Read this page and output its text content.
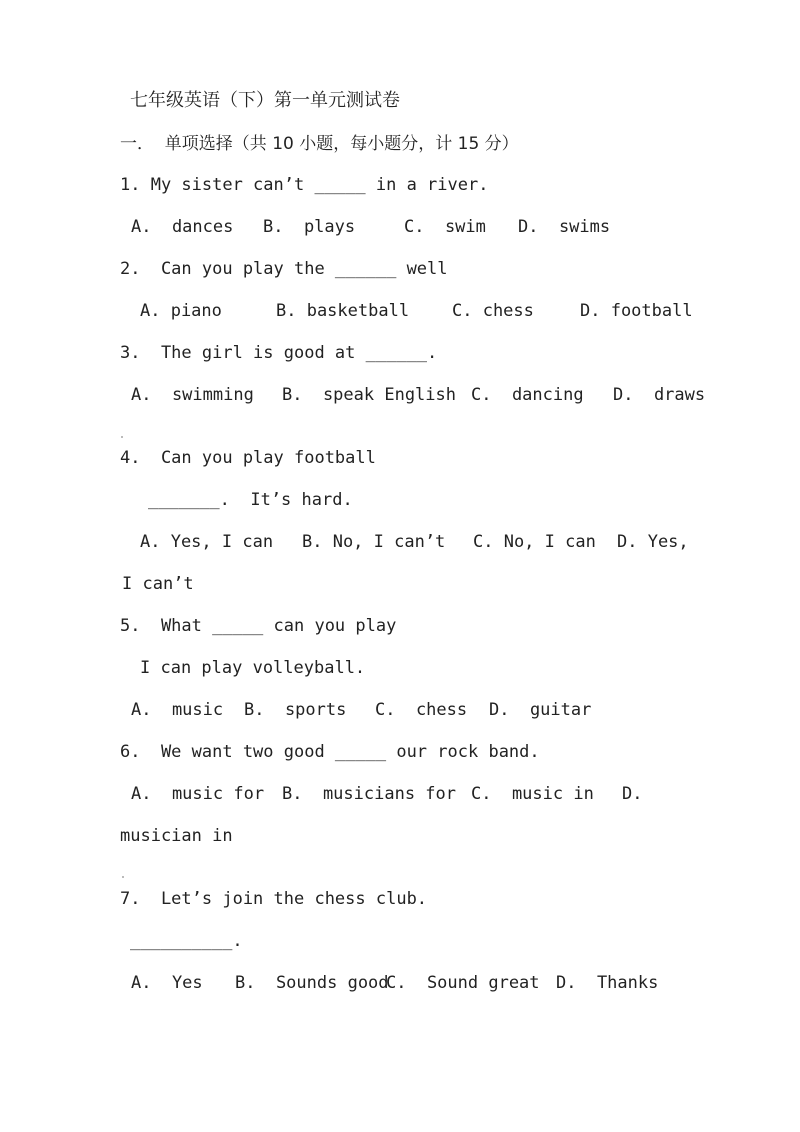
七年级英语（下）第一单元测试卷
一．  单项选择（共 10 小题，每小题分，计 15 分）
1. My sister can’t _____ in a river.
A.  dances B.  plays	C.  swim D.  swims
2.  Can you play the ______ well
A. piano	B. basketball	C. chess	D. football
3.  The girl is good at ______.
A.  swimming B.  speak English C.  dancing D.  draws
4.  Can you play football
_______.  It’s hard.
A. Yes, I can B. No, I can’t C. No, I can D. Yes,
I can’t
5.  What _____ can you play
I can play volleyball.
A.  music B.  sports C.  chess D.  guitar
6.  We want two good _____ our rock band.
A.  music for B.  musicians for C.  music in D.
musician in
7.  Let’s join the chess club.
__________.
A.  Yes B.  Sounds good
C.  Sound great D.  Thanks
